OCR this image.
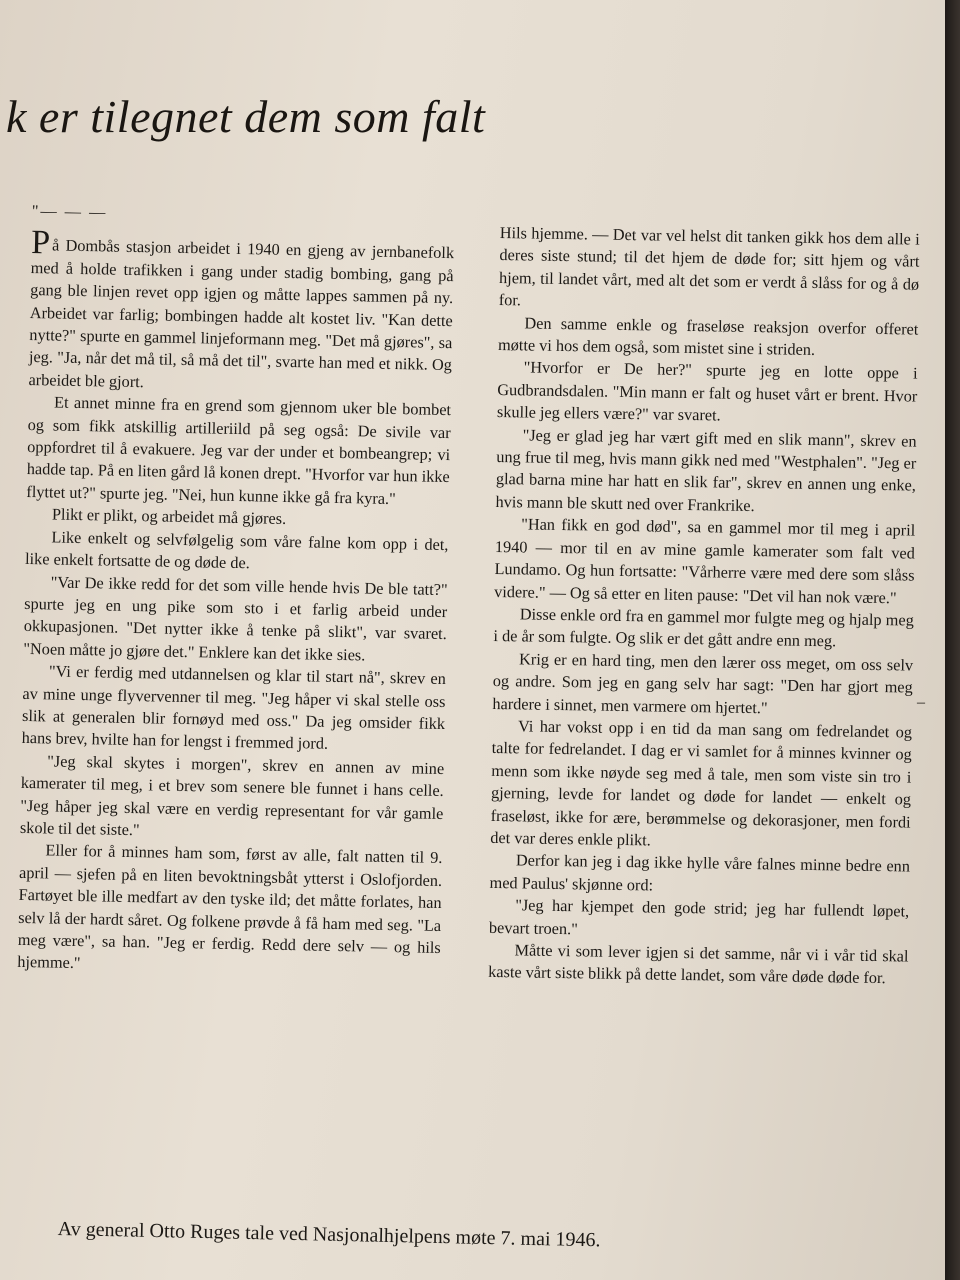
k er tilegnet dem som falt
"— — —

På Dombås stasjon arbeidet i 1940 en gjeng av jernbanefolk med å holde trafikken i gang under stadig bombing, gang på gang ble linjen revet opp igjen og måtte lappes sammen på ny. Arbeidet var farlig; bombingen hadde alt kostet liv. "Kan dette nytte?" spurte en gammel linjeformann meg. "Det må gjøres", sa jeg. "Ja, når det må til, så må det til", svarte han med et nikk. Og arbeidet ble gjort.

Et annet minne fra en grend som gjennom uker ble bombet og som fikk atskillig artilleriild på seg også: De sivile var oppfordret til å evakuere. Jeg var der under et bombeangrep; vi hadde tap. På en liten gård lå konen drept. "Hvorfor var hun ikke flyttet ut?" spurte jeg. "Nei, hun kunne ikke gå fra kyra."

Plikt er plikt, og arbeidet må gjøres.

Like enkelt og selvfølgelig som våre falne kom opp i det, like enkelt fortsatte de og døde de.

"Var De ikke redd for det som ville hende hvis De ble tatt?" spurte jeg en ung pike som sto i et farlig arbeid under okkupasjonen. "Det nytter ikke å tenke på slikt", var svaret. "Noen måtte jo gjøre det." Enklere kan det ikke sies.

"Vi er ferdig med utdannelsen og klar til start nå", skrev en av mine unge flyvervenner til meg. "Jeg håper vi skal stelle oss slik at generalen blir fornøyd med oss." Da jeg omsider fikk hans brev, hvilte han for lengst i fremmed jord.

"Jeg skal skytes i morgen", skrev en annen av mine kamerater til meg, i et brev som senere ble funnet i hans celle. "Jeg håper jeg skal være en verdig representant for vår gamle skole til det siste."

Eller for å minnes ham som, først av alle, falt natten til 9. april — sjefen på en liten bevoktningsbåt ytterst i Oslofjorden. Fartøyet ble ille medfart av den tyske ild; det måtte forlates, han selv lå der hardt såret. Og folkene prøvde å få ham med seg. "La meg være", sa han. "Jeg er ferdig. Redd dere selv — og hils hjemme."

Hils hjemme. — Det var vel helst dit tanken gikk hos dem alle i deres siste stund; til det hjem de døde for; sitt hjem og vårt hjem, til landet vårt, med alt det som er verdt å slåss for og å dø for.

Den samme enkle og fraseløse reaksjon overfor offeret møtte vi hos dem også, som mistet sine i striden.

"Hvorfor er De her?" spurte jeg en lotte oppe i Gudbrandsdalen. "Min mann er falt og huset vårt er brent. Hvor skulle jeg ellers være?" var svaret.

"Jeg er glad jeg har vært gift med en slik mann", skrev en ung frue til meg, hvis mann gikk ned med "Westphalen". "Jeg er glad barna mine har hatt en slik far", skrev en annen ung enke, hvis mann ble skutt ned over Frankrike.

"Han fikk en god død", sa en gammel mor til meg i april 1940 — mor til en av mine gamle kamerater som falt ved Lundamo. Og hun fortsatte: "Vårherre være med dere som slåss videre." — Og så etter en liten pause: "Det vil han nok være."

Disse enkle ord fra en gammel mor fulgte meg og hjalp meg i de år som fulgte. Og slik er det gått andre enn meg.

Krig er en hard ting, men den lærer oss meget, om oss selv og andre. Som jeg en gang selv har sagt: "Den har gjort meg hardere i sinnet, men varmere om hjertet."

Vi har vokst opp i en tid da man sang om fedrelandet og talte for fedrelandet. I dag er vi samlet for å minnes kvinner og menn som ikke nøyde seg med å tale, men som viste sin tro i gjerning, levde for landet og døde for landet — enkelt og fraseløst, ikke for ære, berømmelse og dekorasjoner, men fordi det var deres enkle plikt.

Derfor kan jeg i dag ikke hylle våre falnes minne bedre enn med Paulus' skjønne ord:

"Jeg har kjempet den gode strid; jeg har fullendt løpet, bevart troen."

Måtte vi som lever igjen si det samme, når vi i vår tid skal kaste vårt siste blikk på dette landet, som våre døde døde for.

–
Av general Otto Ruges tale ved Nasjonalhjelpens møte 7. mai 1946.
